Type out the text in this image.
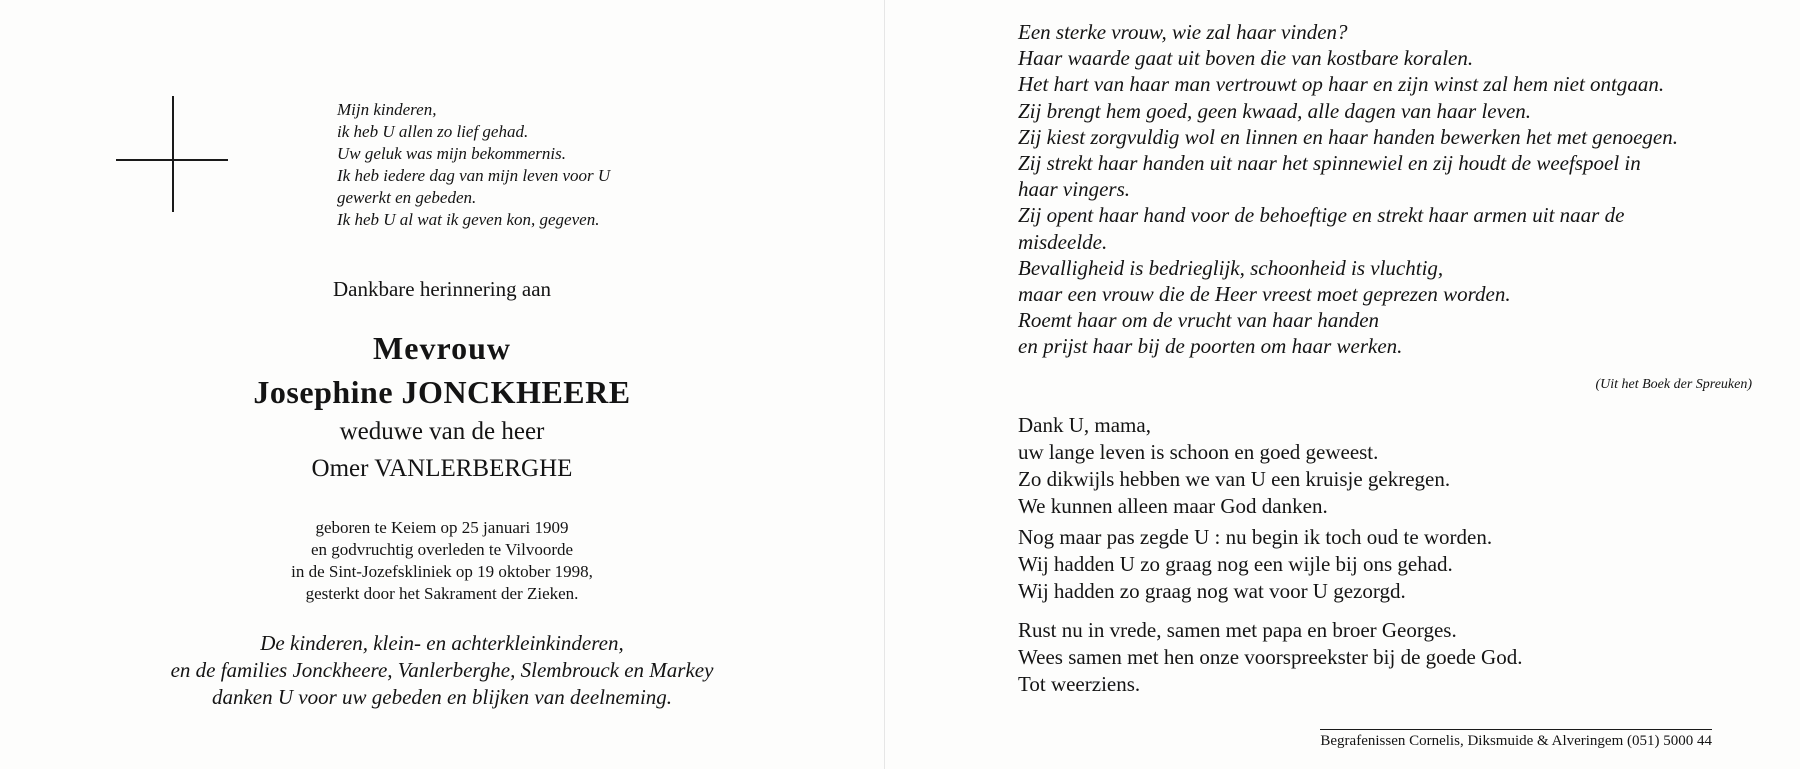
Mijn kinderen,
ik heb U allen zo lief gehad.
Uw geluk was mijn bekommernis.
Ik heb iedere dag van mijn leven voor U
gewerkt en gebeden.
Ik heb U al wat ik geven kon, gegeven.
Dankbare herinnering aan
Mevrouw
Josephine JONCKHEERE
weduwe van de heer
Omer VANLERBERGHE
geboren te Keiem op 25 januari 1909
en godvruchtig overleden te Vilvoorde
in de Sint-Jozefskliniek op 19 oktober 1998,
gesterkt door het Sakrament der Zieken.
De kinderen, klein- en achterkleinkinderen,
en de families Jonckheere, Vanlerberghe, Slembrouck en Markey
danken U voor uw gebeden en blijken van deelneming.
Een sterke vrouw, wie zal haar vinden?
Haar waarde gaat uit boven die van kostbare koralen.
Het hart van haar man vertrouwt op haar en zijn winst zal hem niet ontgaan.
Zij brengt hem goed, geen kwaad, alle dagen van haar leven.
Zij kiest zorgvuldig wol en linnen en haar handen bewerken het met genoegen.
Zij strekt haar handen uit naar het spinnewiel en zij houdt de weefspoel in
haar vingers.
Zij opent haar hand voor de behoeftige en strekt haar armen uit naar de
misdeelde.
Bevalligheid is bedrieglijk, schoonheid is vluchtig,
maar een vrouw die de Heer vreest moet geprezen worden.
Roemt haar om de vrucht van haar handen
en prijst haar bij de poorten om haar werken.
(Uit het Boek der Spreuken)
Dank U, mama,
uw lange leven is schoon en goed geweest.
Zo dikwijls hebben we van U een kruisje gekregen.
We kunnen alleen maar God danken.
Nog maar pas zegde U : nu begin ik toch oud te worden.
Wij hadden U zo graag nog een wijle bij ons gehad.
Wij hadden zo graag nog wat voor U gezorgd.
Rust nu in vrede, samen met papa en broer Georges.
Wees samen met hen onze voorspreekster bij de goede God.
Tot weerziens.
Begrafenissen Cornelis, Diksmuide & Alveringem (051) 5000 44
